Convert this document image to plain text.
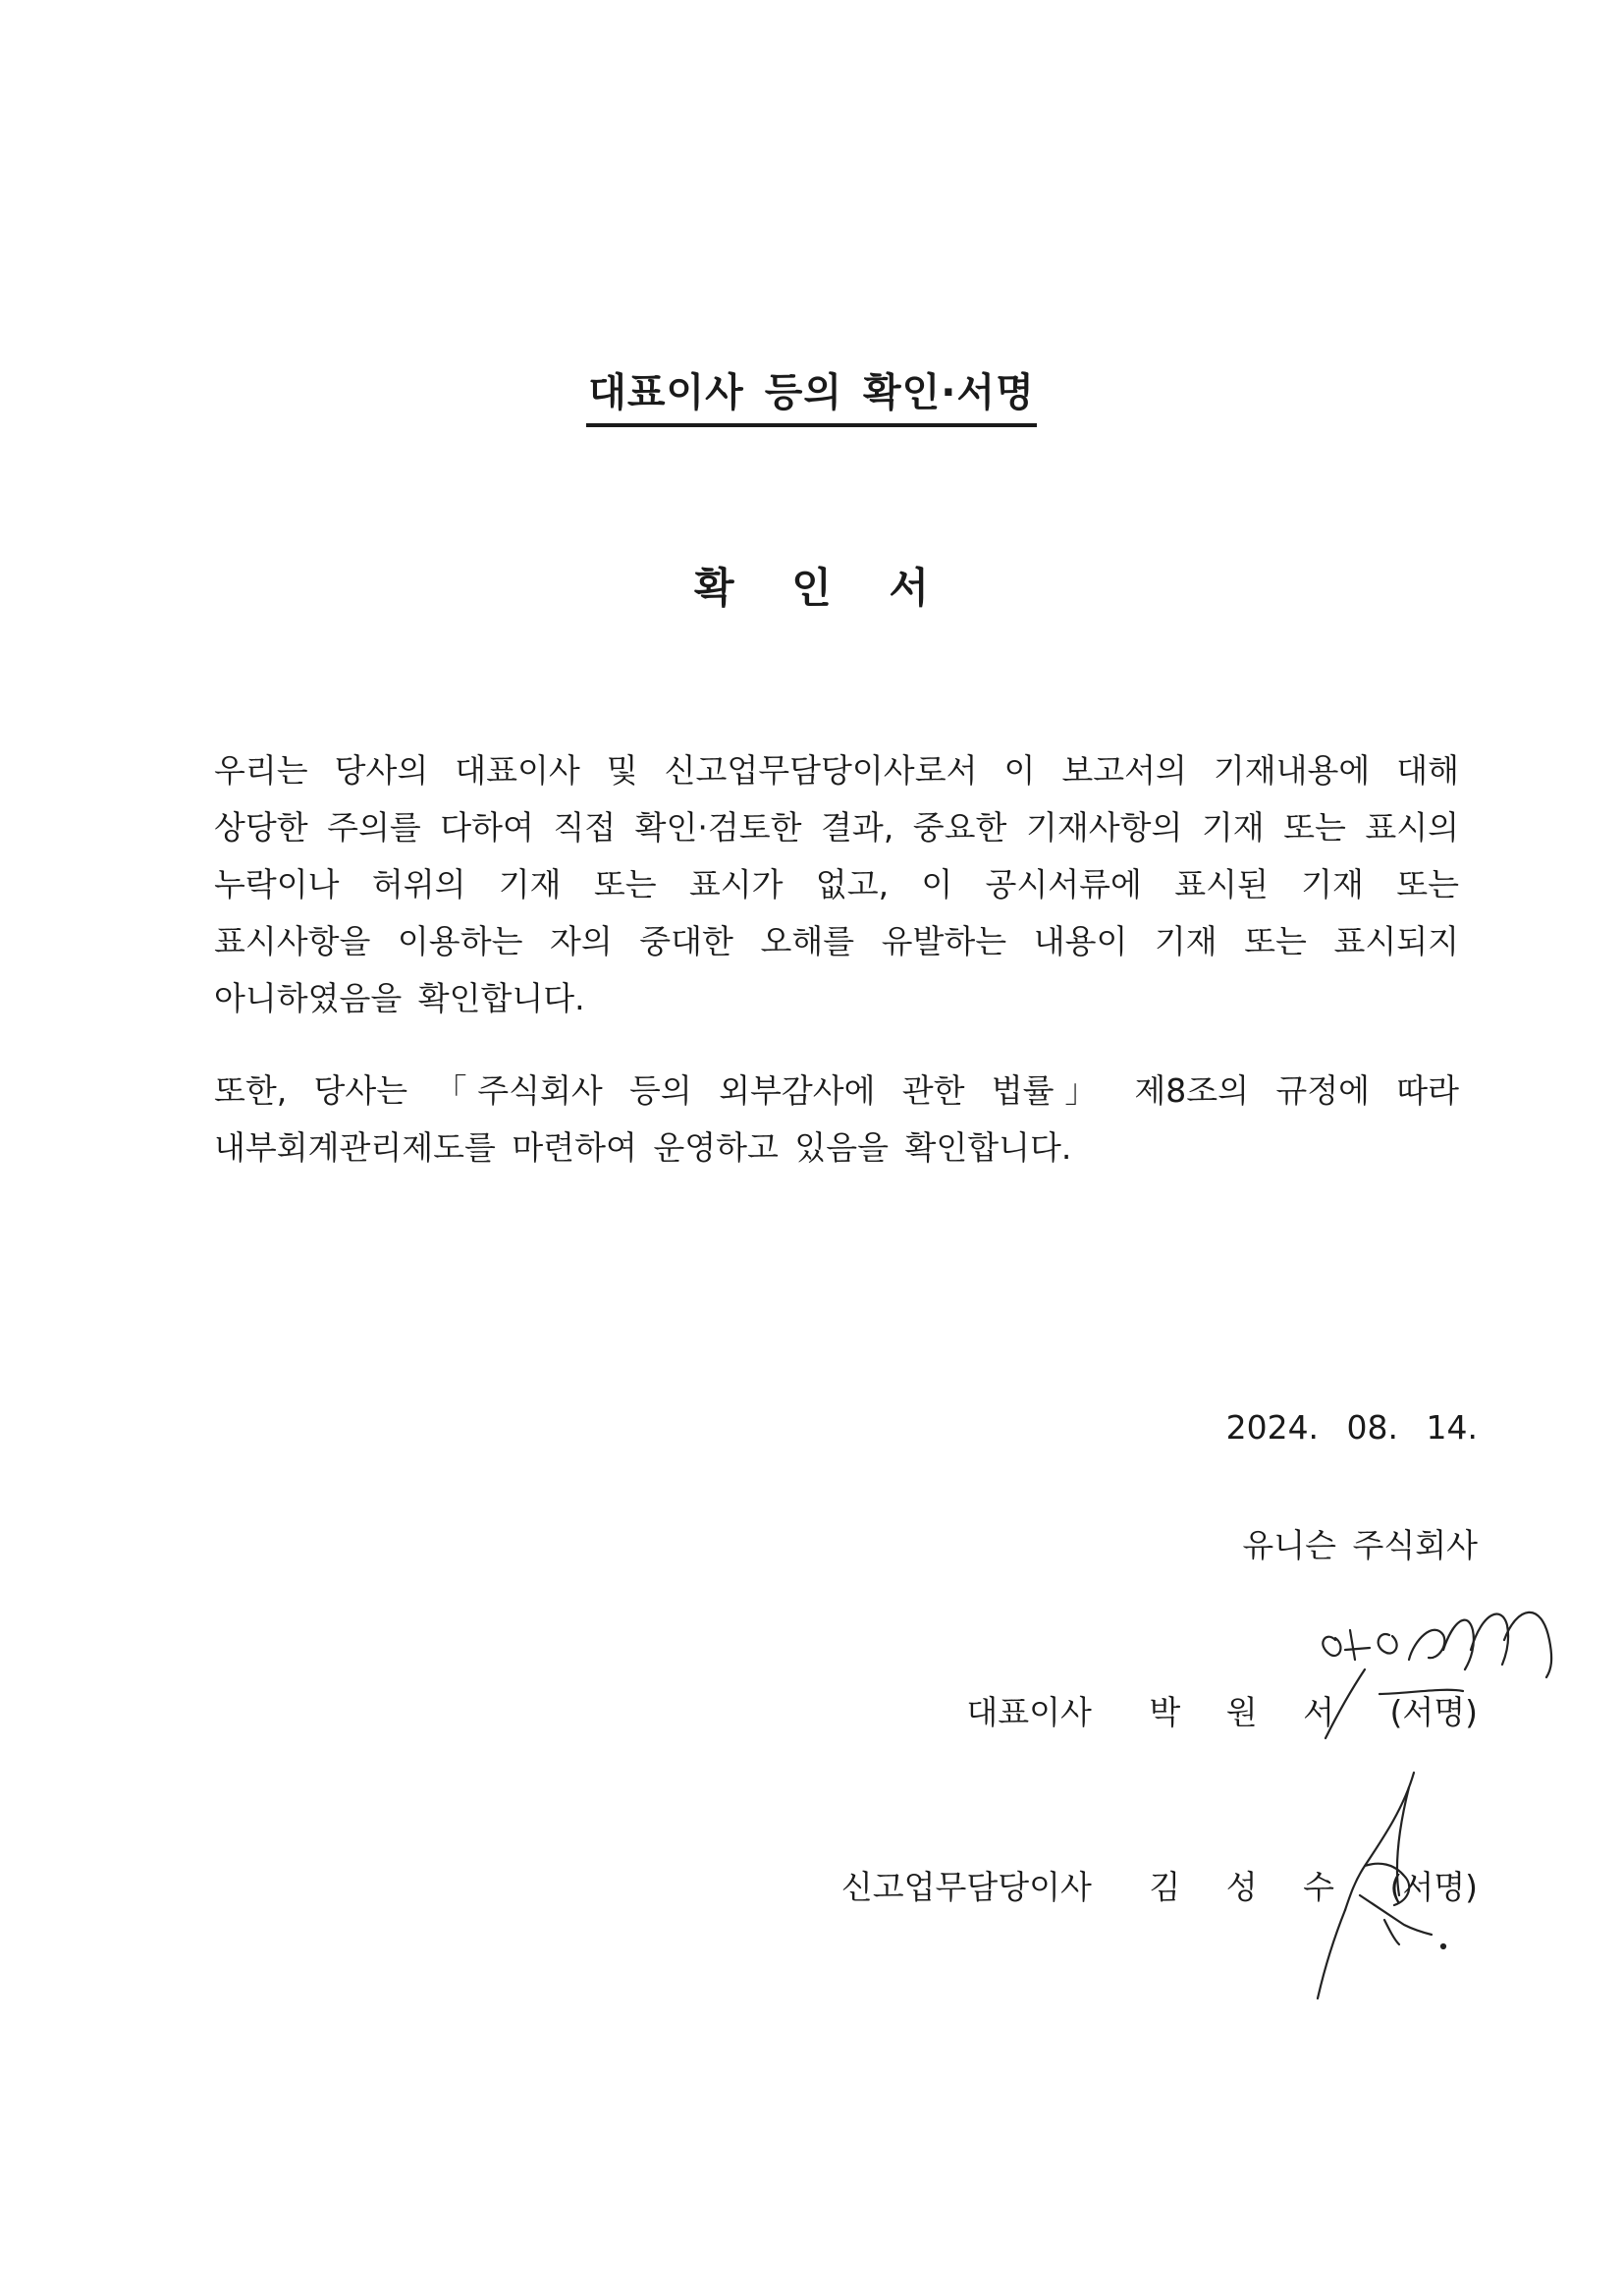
대표이사 등의 확인·서명
확 인 서
우리는 당사의 대표이사 및 신고업무담당이사로서 이 보고서의 기재내용에 대해 상당한 주의를 다하여 직접 확인·검토한 결과, 중요한 기재사항의 기재 또는 표시의 누락이나 허위의 기재 또는 표시가 없고, 이 공시서류에 표시된 기재 또는 표시사항을 이용하는 자의 중대한 오해를 유발하는 내용이 기재 또는 표시되지 아니하였음을 확인합니다.
또한, 당사는 「주식회사 등의 외부감사에 관한 법률」 제8조의 규정에 따라 내부회계관리제도를 마련하여 운영하고 있음을 확인합니다.
2024. 08. 14.
유니슨 주식회사
대표이사 박 원 서 (서명)
신고업무담당이사 김 성 수 (서명)
